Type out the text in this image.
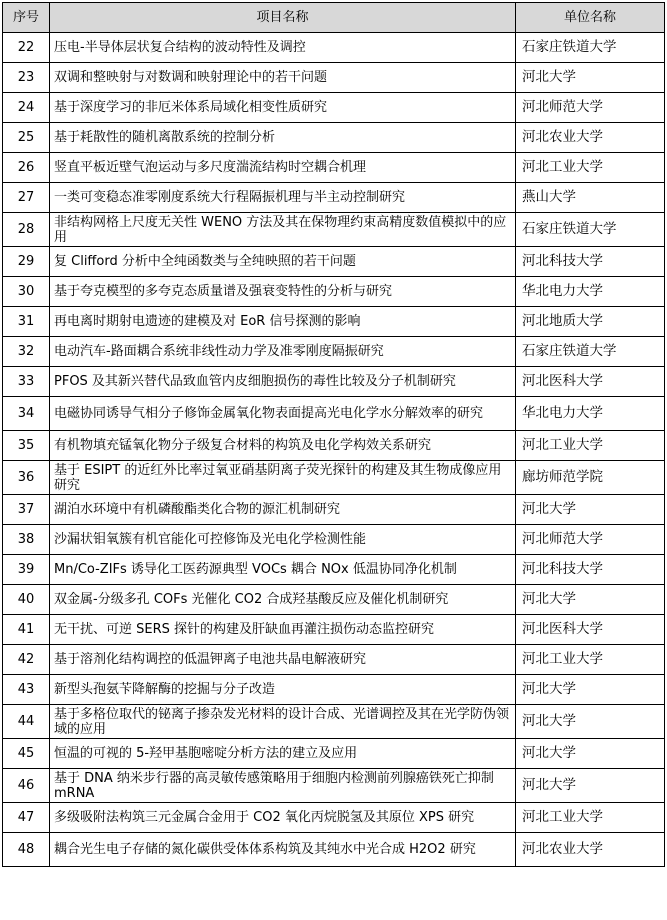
序号	项目名称	单位名称
22	压电-半导体层状复合结构的波动特性及调控	石家庄铁道大学
23	双调和整映射与对数调和映射理论中的若干问题	河北大学
24	基于深度学习的非厄米体系局域化相变性质研究	河北师范大学
25	基于耗散性的随机离散系统的控制分析	河北农业大学
26	竖直平板近壁气泡运动与多尺度湍流结构时空耦合机理	河北工业大学
27	一类可变稳态准零刚度系统大行程隔振机理与半主动控制研究	燕山大学
28	非结构网格上尺度无关性 WENO 方法及其在保物理约束高精度数值模拟中的应用	石家庄铁道大学
29	复 Clifford 分析中全纯函数类与全纯映照的若干问题	河北科技大学
30	基于夸克模型的多夸克态质量谱及强衰变特性的分析与研究	华北电力大学
31	再电离时期射电遗迹的建模及对 EoR 信号探测的影响	河北地质大学
32	电动汽车-路面耦合系统非线性动力学及准零刚度隔振研究	石家庄铁道大学
33	PFOS 及其新兴替代品致血管内皮细胞损伤的毒性比较及分子机制研究	河北医科大学
34	电磁协同诱导气相分子修饰金属氧化物表面提高光电化学水分解效率的研究	华北电力大学
35	有机物填充锰氧化物分子级复合材料的构筑及电化学构效关系研究	河北工业大学
36	基于 ESIPT 的近红外比率过氧亚硝基阴离子荧光探针的构建及其生物成像应用研究	廊坊师范学院
37	湖泊水环境中有机磷酸酯类化合物的源汇机制研究	河北大学
38	沙漏状钼氧簇有机官能化可控修饰及光电化学检测性能	河北师范大学
39	Mn/Co-ZIFs 诱导化工医药源典型 VOCs 耦合 NOx 低温协同净化机制	河北科技大学
40	双金属-分级多孔 COFs 光催化 CO2 合成羟基酸反应及催化机制研究	河北大学
41	无干扰、可逆 SERS 探针的构建及肝缺血再灌注损伤动态监控研究	河北医科大学
42	基于溶剂化结构调控的低温钾离子电池共晶电解液研究	河北工业大学
43	新型头孢氨苄降解酶的挖掘与分子改造	河北大学
44	基于多格位取代的铋离子掺杂发光材料的设计合成、光谱调控及其在光学防伪领域的应用	河北大学
45	恒温的可视的 5-羟甲基胞嘧啶分析方法的建立及应用	河北大学
46	基于 DNA 纳米步行器的高灵敏传感策略用于细胞内检测前列腺癌铁死亡抑制 mRNA	河北大学
47	多级吸附法构筑三元金属合金用于 CO2 氧化丙烷脱氢及其原位 XPS 研究	河北工业大学
48	耦合光生电子存储的氮化碳供受体体系构筑及其纯水中光合成 H2O2 研究	河北农业大学
